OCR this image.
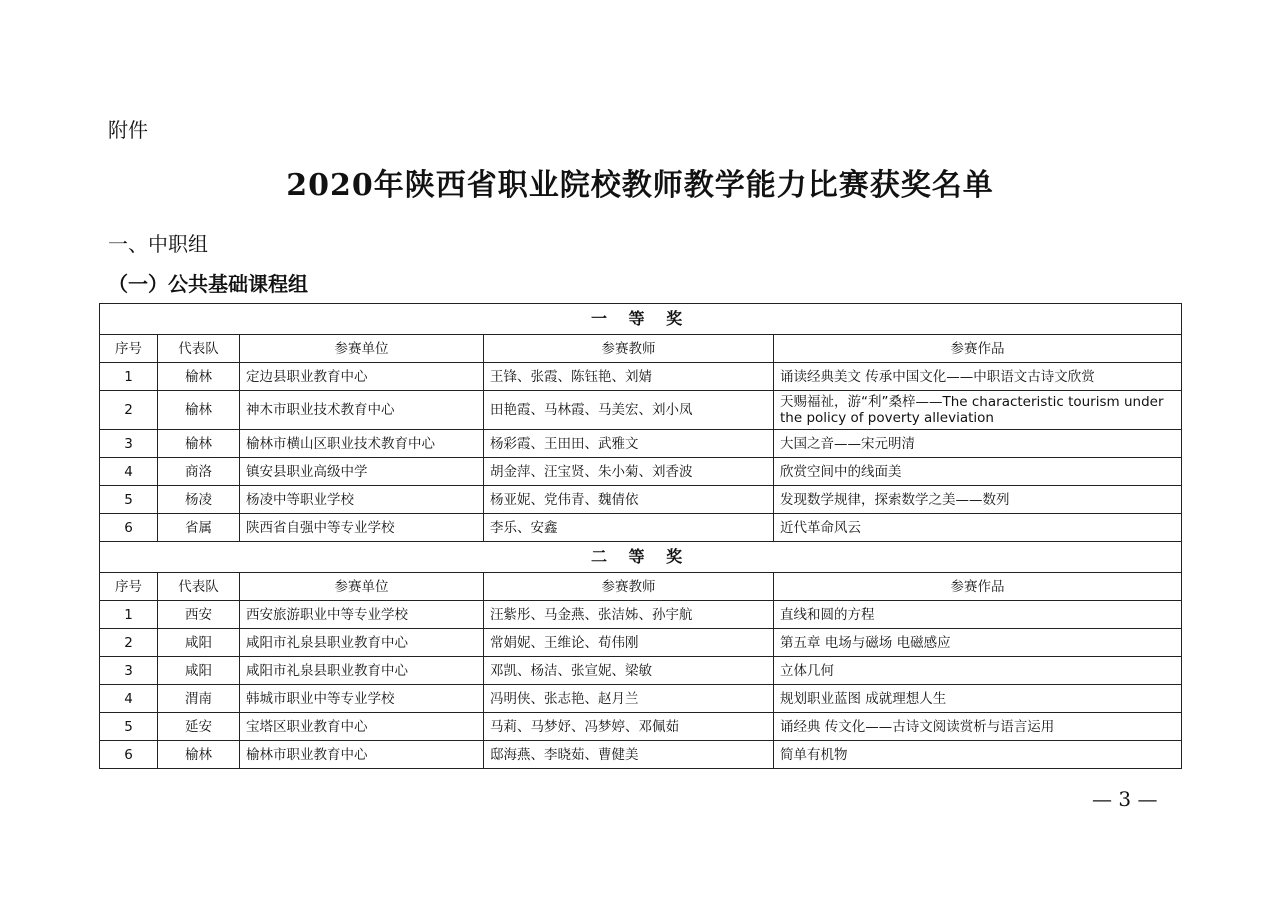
附件
2020年陕西省职业院校教师教学能力比赛获奖名单
一、中职组
（一）公共基础课程组
一 等 奖				
序号	代表队	参赛单位	参赛教师	参赛作品
1	榆林	定边县职业教育中心	王锋、张霞、陈钰艳、刘婧	诵读经典美文 传承中国文化——中职语文古诗文欣赏
2	榆林	神木市职业技术教育中心	田艳霞、马林霞、马美宏、刘小凤	天赐福祉，游“利”桑梓——The characteristic tourism under the policy of poverty alleviation
3	榆林	榆林市横山区职业技术教育中心	杨彩霞、王田田、武雅文	大国之音——宋元明清
4	商洛	镇安县职业高级中学	胡金萍、汪宝贤、朱小菊、刘香波	欣赏空间中的线面美
5	杨凌	杨凌中等职业学校	杨亚妮、党伟青、魏倩依	发现数学规律，探索数学之美——数列
6	省属	陕西省自强中等专业学校	李乐、安鑫	近代革命风云
二 等 奖				
序号	代表队	参赛单位	参赛教师	参赛作品
1	西安	西安旅游职业中等专业学校	汪紫彤、马金燕、张洁姊、孙宇航	直线和圆的方程
2	咸阳	咸阳市礼泉县职业教育中心	常娟妮、王维论、荀伟刚	第五章 电场与磁场 电磁感应
3	咸阳	咸阳市礼泉县职业教育中心	邓凯、杨洁、张宣妮、梁敏	立体几何
4	渭南	韩城市职业中等专业学校	冯明侠、张志艳、赵月兰	规划职业蓝图 成就理想人生
5	延安	宝塔区职业教育中心	马莉、马梦妤、冯梦婷、邓佩茹	诵经典 传文化——古诗文阅读赏析与语言运用
6	榆林	榆林市职业教育中心	邸海燕、李晓茹、曹健美	简单有机物
— 3 —
